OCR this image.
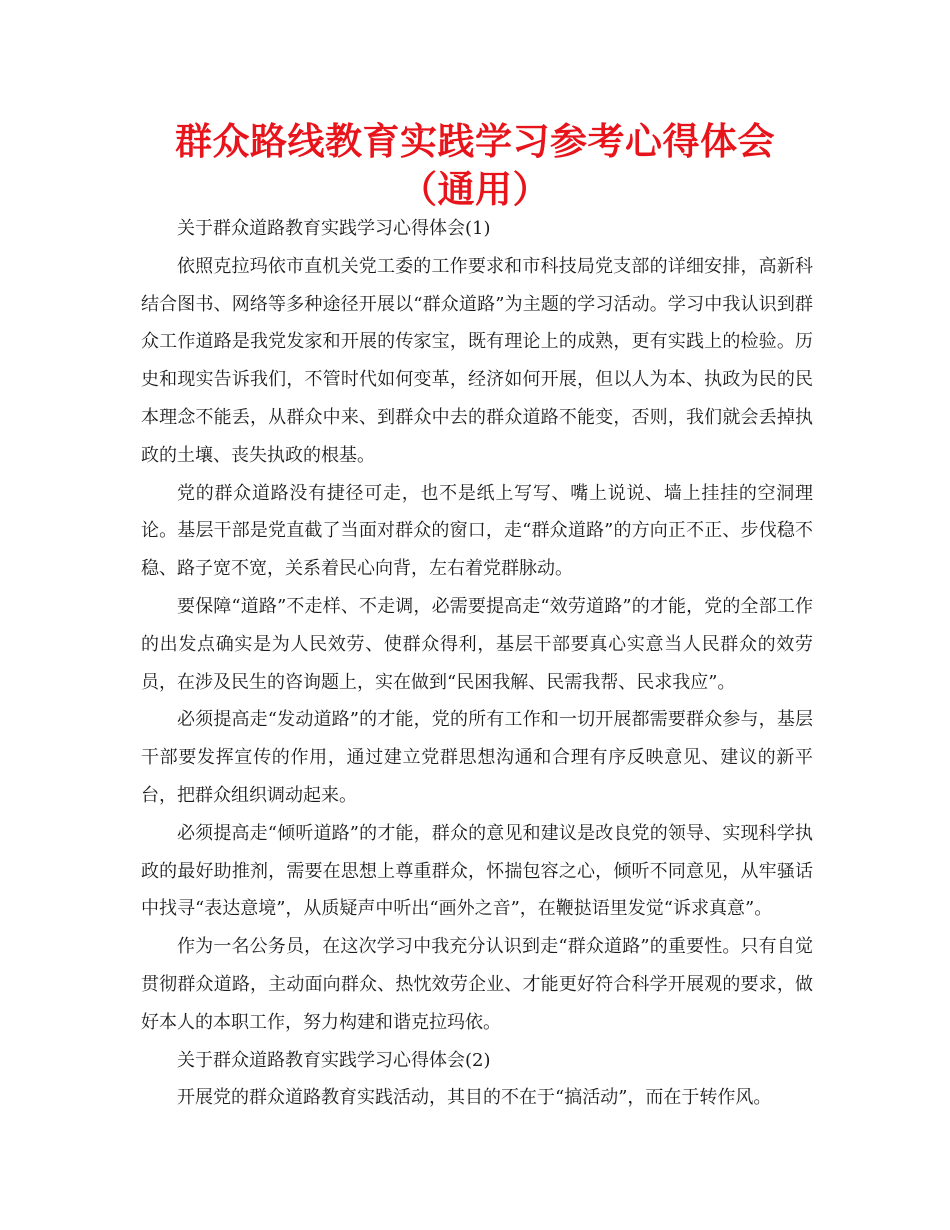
群众路线教育实践学习参考心得体会（通用）

关于群众道路教育实践学习心得体会(1)

依照克拉玛依市直机关党工委的工作要求和市科技局党支部的详细安排，高新科结合图书、网络等多种途径开展以“群众道路”为主题的学习活动。学习中我认识到群众工作道路是我党发家和开展的传家宝，既有理论上的成熟，更有实践上的检验。历史和现实告诉我们，不管时代如何变革，经济如何开展，但以人为本、执政为民的民本理念不能丢，从群众中来、到群众中去的群众道路不能变，否则，我们就会丢掉执政的土壤、丧失执政的根基。

党的群众道路没有捷径可走，也不是纸上写写、嘴上说说、墙上挂挂的空洞理论。基层干部是党直截了当面对群众的窗口，走“群众道路”的方向正不正、步伐稳不稳、路子宽不宽，关系着民心向背，左右着党群脉动。

要保障“道路”不走样、不走调，必需要提高走“效劳道路”的才能，党的全部工作的出发点确实是为人民效劳、使群众得利，基层干部要真心实意当人民群众的效劳员，在涉及民生的咨询题上，实在做到“民困我解、民需我帮、民求我应”。

必须提高走“发动道路”的才能，党的所有工作和一切开展都需要群众参与，基层干部要发挥宣传的作用，通过建立党群思想沟通和合理有序反映意见、建议的新平台，把群众组织调动起来。

必须提高走“倾听道路”的才能，群众的意见和建议是改良党的领导、实现科学执政的最好助推剂，需要在思想上尊重群众，怀揣包容之心，倾听不同意见，从牢骚话中找寻“表达意境”，从质疑声中听出“画外之音”，在鞭挞语里发觉“诉求真意”。

作为一名公务员，在这次学习中我充分认识到走“群众道路”的重要性。只有自觉贯彻群众道路，主动面向群众、热忱效劳企业、才能更好符合科学开展观的要求，做好本人的本职工作，努力构建和谐克拉玛依。

关于群众道路教育实践学习心得体会(2)

开展党的群众道路教育实践活动，其目的不在于“搞活动”，而在于转作风。
